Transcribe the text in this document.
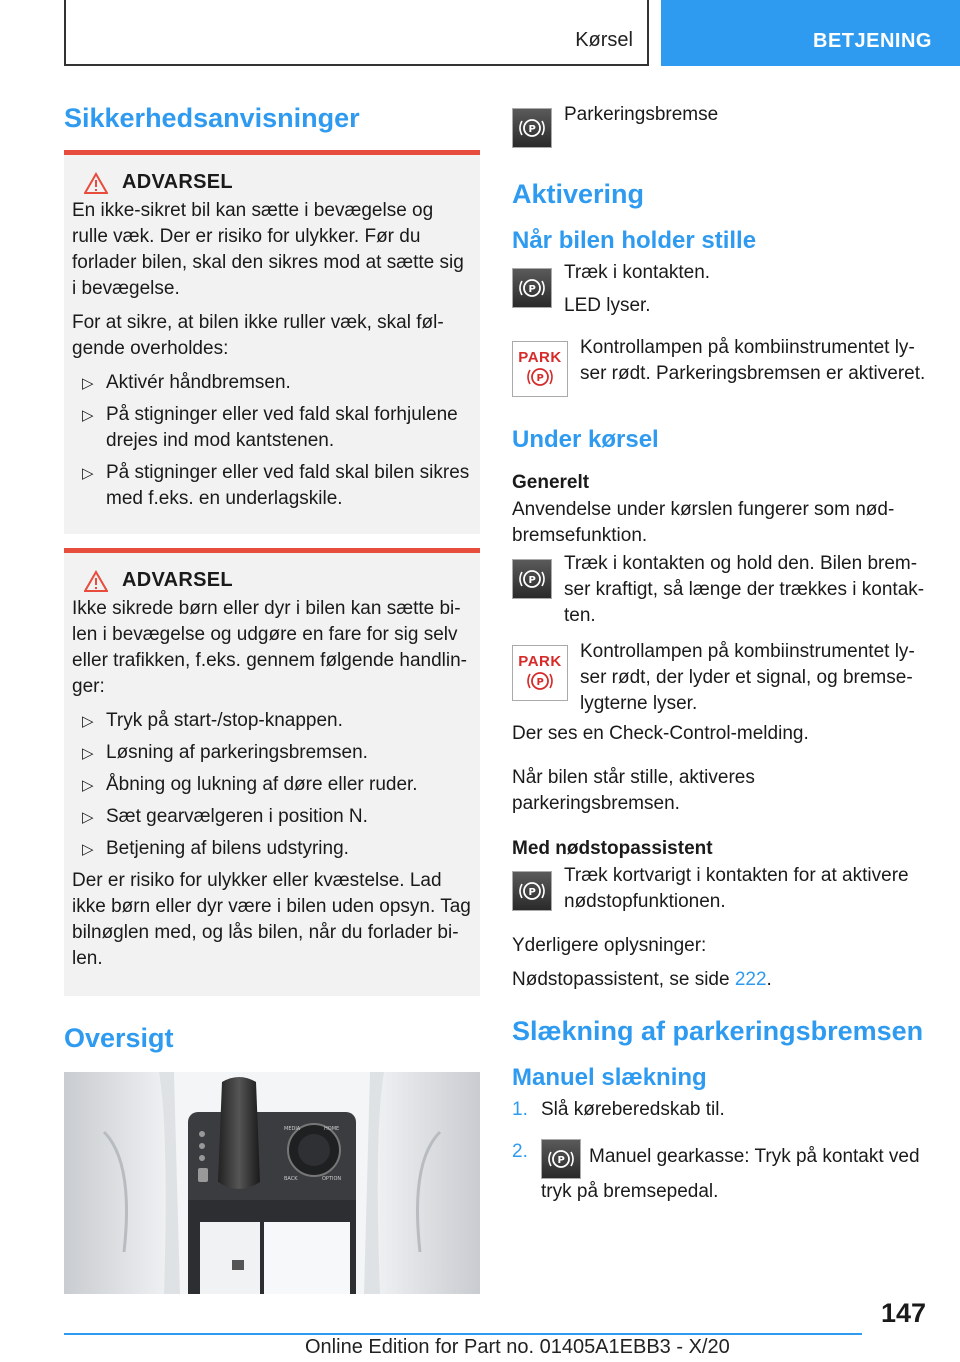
Kørsel	BETJENING
Sikkerhedsanvisninger
ADVARSEL

En ikke-sikret bil kan sætte i bevægelse og rulle væk. Der er risiko for ulykker. Før du forlader bilen, skal den sikres mod at sætte sig i bevægelse.

For at sikre, at bilen ikke ruller væk, skal følgende overholdes:

▷ Aktivér håndbremsen.
▷ På stigninger eller ved fald skal forhjulene drejes ind mod kantstenen.
▷ På stigninger eller ved fald skal bilen sikres med f.eks. en underlagskile.
ADVARSEL

Ikke sikrede børn eller dyr i bilen kan sætte bilen i bevægelse og udgøre en fare for sig selv eller trafikken, f.eks. gennem følgende handlinger:

▷ Tryk på start-/stop-knappen.
▷ Løsning af parkeringsbremsen.
▷ Åbning og lukning af døre eller ruder.
▷ Sæt gearvælgeren i position N.
▷ Betjening af bilens udstyring.

Der er risiko for ulykker eller kvæstelse. Lad ikke børn eller dyr være i bilen uden opsyn. Tag bilnøglen med, og lås bilen, når du forlader bilen.

Oversigt
MEDIA	HOME
BACK	OPTION
P

Parkeringsbremse

Aktivering
Når bilen holder stille
P

Træk i kontakten.

LED lyser.

PARK
P

Kontrollampen på kombiinstrumentet lyser rødt. Parkeringsbremsen er aktiveret.

Under kørsel
Generelt

Anvendelse under kørslen fungerer som nødbremsefunktion.

P

Træk i kontakten og hold den. Bilen bremser kraftigt, så længe der trækkes i kontakten.

PARK
P

Kontrollampen på kombiinstrumentet lyser rødt, der lyder et signal, og bremselygterne lyser.

Der ses en Check-Control-melding.

Når bilen står stille, aktiveres parkeringsbremsen.

Med nødstopassistent
P

Træk kortvarigt i kontakten for at aktivere nødstopfunktionen.

Yderligere oplysninger:

Nødstopassistent, se side 222.

Slækning af parkeringsbremsen
Manuel slækning
1. Slå køreberedskab til.
2.	P Manuel gearkasse: Tryk på kontakt ved tryk på bremsepedal.
147
Online Edition for Part no. 01405A1EBB3 - X/20
